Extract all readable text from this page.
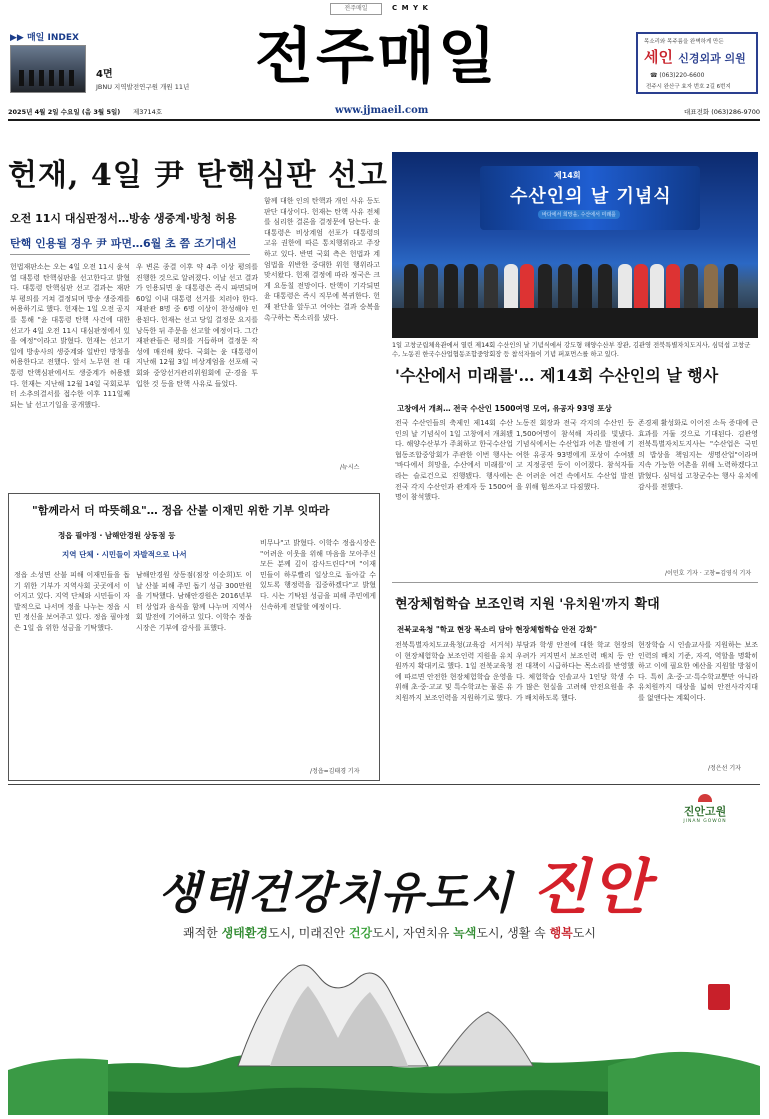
전주매일	C M Y K
▶▶ 매일 INDEX
4면
JBNU 지역발전연구원 개원 11년 전주매일
www.jjmaeil.com
목소리와 목주름을 완벽하게 만든
세인 신경외과 의원
☎ (063)220-6600
전주시 완산구 효자 번호 2길 6번지
2025년 4월 2일 수요일 (음 3월 5일) 제3714호	대표전화 (063)286-9700
헌재, 4일 尹 탄핵심판 선고
오전 11시 대심판정서…방송 생중계·방청 허용
탄핵 인용될 경우 尹 파면…6월 초 쯤 조기대선
헌법재판소는 오는 4일 오전 11시 윤석열 대통령 탄핵심판을 선고한다고 밝혔다. 대통령 탄핵심판 선고 결과는 재판부 평의를 거쳐 결정되며 방송 생중계를 허용하기로 했다. 헌재는 1일 오전 공지를 통해 "윤 대통령 탄핵 사건에 대한 선고가 4일 오전 11시 대심판정에서 있을 예정"이라고 밝혔다. 헌재는 선고기일에 방송사의 생중계와 일반인 방청을 허용한다고 전했다. 앞서 노무현 전 대통령 탄핵심판에서도 생중계가 허용됐다. 헌재는 지난해 12월 14일 국회로부터 소추의결서를 접수한 이후 111일째 되는 날 선고기일을 공개했다.
우 변론 종결 이후 약 4주 이상 평의를 진행한 것으로 알려졌다. 이날 선고 결과가 인용되면 윤 대통령은 즉시 파면되며 60일 이내 대통령 선거를 치러야 한다. 재판관 8명 중 6명 이상이 찬성해야 인용된다. 헌재는 선고 당일 결정문 요지를 낭독한 뒤 주문을 선고할 예정이다. 그간 재판관들은 평의를 거듭하며 결정문 작성에 매진해 왔다. 국회는 윤 대통령이 지난해 12월 3일 비상계엄을 선포해 국회와 중앙선거관리위원회에 군·경을 투입한 것 등을 탄핵 사유로 들었다.
함께 대한 인의 탄핵과 개인 사유 등도 판단 대상이다. 헌재는 탄핵 사유 전체를 심리한 결론을 결정문에 담는다. 윤 대통령은 비상계엄 선포가 대통령의 고유 권한에 따른 통치행위라고 주장하고 있다. 반면 국회 측은 헌법과 계엄법을 위반한 중대한 위헌 행위라고 맞서왔다. 헌재 결정에 따라 정국은 크게 요동칠 전망이다. 탄핵이 기각되면 윤 대통령은 즉시 직무에 복귀한다. 헌재 판단을 앞두고 여야는 결과 승복을 촉구하는 목소리를 냈다.
/뉴시스
제14회
수산인의 날 기념식
바다에서 희망을, 수산에서 미래를
1일 고창군립체육관에서 열린 제14회 수산인의 날 기념식에서 강도형 해양수산부 장관, 김관영 전북특별자치도지사, 심덕섭 고창군수, 노동진 한국수산업협동조합중앙회장 등 참석자들이 기념 퍼포먼스를 하고 있다.
'수산에서 미래를'… 제14회 수산인의 날 행사
고창에서 개최… 전국 수산인 1500여명 모여, 유공자 93명 포상
전국 수산인들의 축제인 제14회 수산인의 날 기념식이 1일 고창에서 개최됐다. 해양수산부가 주최하고 한국수산업협동조합중앙회가 주관한 이번 행사는 '바다에서 희망을, 수산에서 미래를'이라는 슬로건으로 진행됐다. 행사에는 전국 각지 수산인과 관계자 등 1500여명이 참석했다.
노동진 회장과 전국 각지의 수산인 등 1,500여명이 참석해 자리를 빛냈다. 기념식에서는 수산업과 어촌 발전에 기여한 유공자 93명에게 포상이 수여됐고 지정공연 등이 이어졌다. 참석자들은 어려운 여건 속에서도 수산업 발전을 위해 힘쓰자고 다짐했다.
존경제 활성화로 이어진 소득 증대에 큰 효과를 거둘 것으로 기대된다. 김관영 전북특별자치도지사는 "수산업은 국민의 밥상을 책임지는 생명산업"이라며 지속 가능한 어촌을 위해 노력하겠다고 밝혔다. 심덕섭 고창군수는 행사 유치에 감사를 전했다.
/이민호 기자 · 고창=김영식 기자
현장체험학습 보조인력 지원 '유치원'까지 확대
전북교육청 "학교 현장 목소리 담아 현장체험학습 안전 강화"
전북특별자치도교육청(교육감 서거석)이 현장체험학습 보조인력 지원을 유치원까지 확대키로 했다. 1일 전북교육청에 따르면 안전한 현장체험학습 운영을 위해 초·중·고교 및 특수학교는 물론 유치원까지 보조인력을 지원하기로 했다.
부담과 학생 안전에 대한 학교 현장의 우려가 커지면서 보조인력 배치 등 안전 대책이 시급하다는 목소리를 반영했다. 체험학습 인솔교사 1인당 학생 수가 많은 현실을 고려해 안전요원을 추가 배치하도록 했다.
현장학습 시 인솔교사를 지원하는 보조인력의 배치 기준, 자격, 역할을 명확히 하고 이에 필요한 예산을 지원할 방침이다. 특히 초·중·고·특수학교뿐만 아니라 유치원까지 대상을 넓혀 안전사각지대를 없앤다는 계획이다.
/정은선 기자
"함께라서 더 따뜻해요"… 정읍 산불 이재민 위한 기부 잇따라
정읍 필야정 · 남해안경원 상동점 등
지역 단체 · 시민들이 자발적으로 나서
정읍 소성면 산불 피해 이재민들을 돕기 위한 기부가 지역사회 곳곳에서 이어지고 있다. 지역 단체와 시민들이 자발적으로 나서며 정을 나누는 정읍 시민 정신을 보여주고 있다. 정읍 필야정은 1일 읍 위한 성금을 기탁했다.
남해안경원 상동점(점장 이순희)도 이날 산불 피해 주민 돕기 성금 300만원을 기탁했다. 남해안경원은 2016년부터 상업과 음식을 함께 나누며 지역사회 발전에 기여하고 있다. 이학수 정읍시장은 기부에 감사를 표했다.
비무나"고 밝혔다. 이학수 정읍시장은 "어려운 이웃을 위해 마음을 모아주신 모든 분께 깊이 감사드린다"며 "이재민들이 하루빨리 일상으로 돌아갈 수 있도록 행정력을 집중하겠다"고 밝혔다. 시는 기탁된 성금을 피해 주민에게 신속하게 전달할 예정이다.
/정읍=김태경 기자
진안고원
JINAN GOWON
생태건강치유도시 진안
쾌적한 생태환경도시, 미래진안 건강도시, 자연치유 녹색도시, 생활 속 행복도시
